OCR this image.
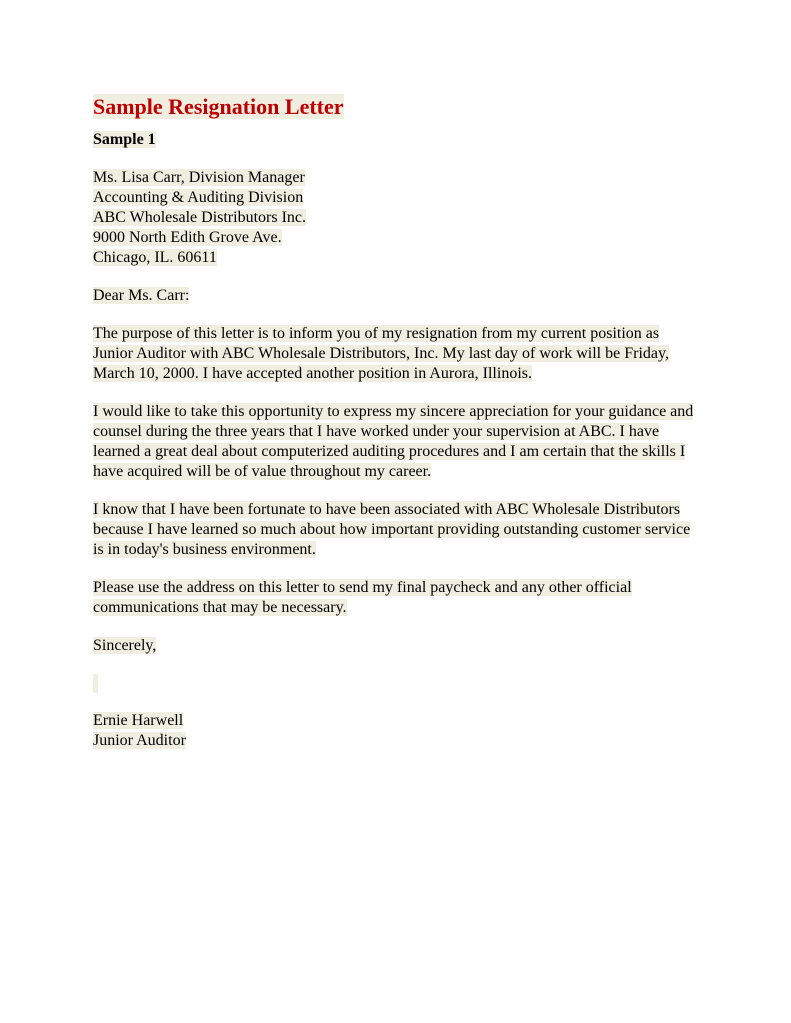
Sample Resignation Letter
Sample 1
Ms. Lisa Carr, Division Manager
Accounting & Auditing Division
ABC Wholesale Distributors Inc.
9000 North Edith Grove Ave.
Chicago, IL. 60611
Dear Ms. Carr:
The purpose of this letter is to inform you of my resignation from my current position as Junior Auditor with ABC Wholesale Distributors, Inc. My last day of work will be Friday, March 10, 2000. I have accepted another position in Aurora, Illinois.
I would like to take this opportunity to express my sincere appreciation for your guidance and counsel during the three years that I have worked under your supervision at ABC. I have learned a great deal about computerized auditing procedures and I am certain that the skills I have acquired will be of value throughout my career.
I know that I have been fortunate to have been associated with ABC Wholesale Distributors because I have learned so much about how important providing outstanding customer service is in today's business environment.
Please use the address on this letter to send my final paycheck and any other official communications that may be necessary.
Sincerely,
Ernie Harwell
Junior Auditor
